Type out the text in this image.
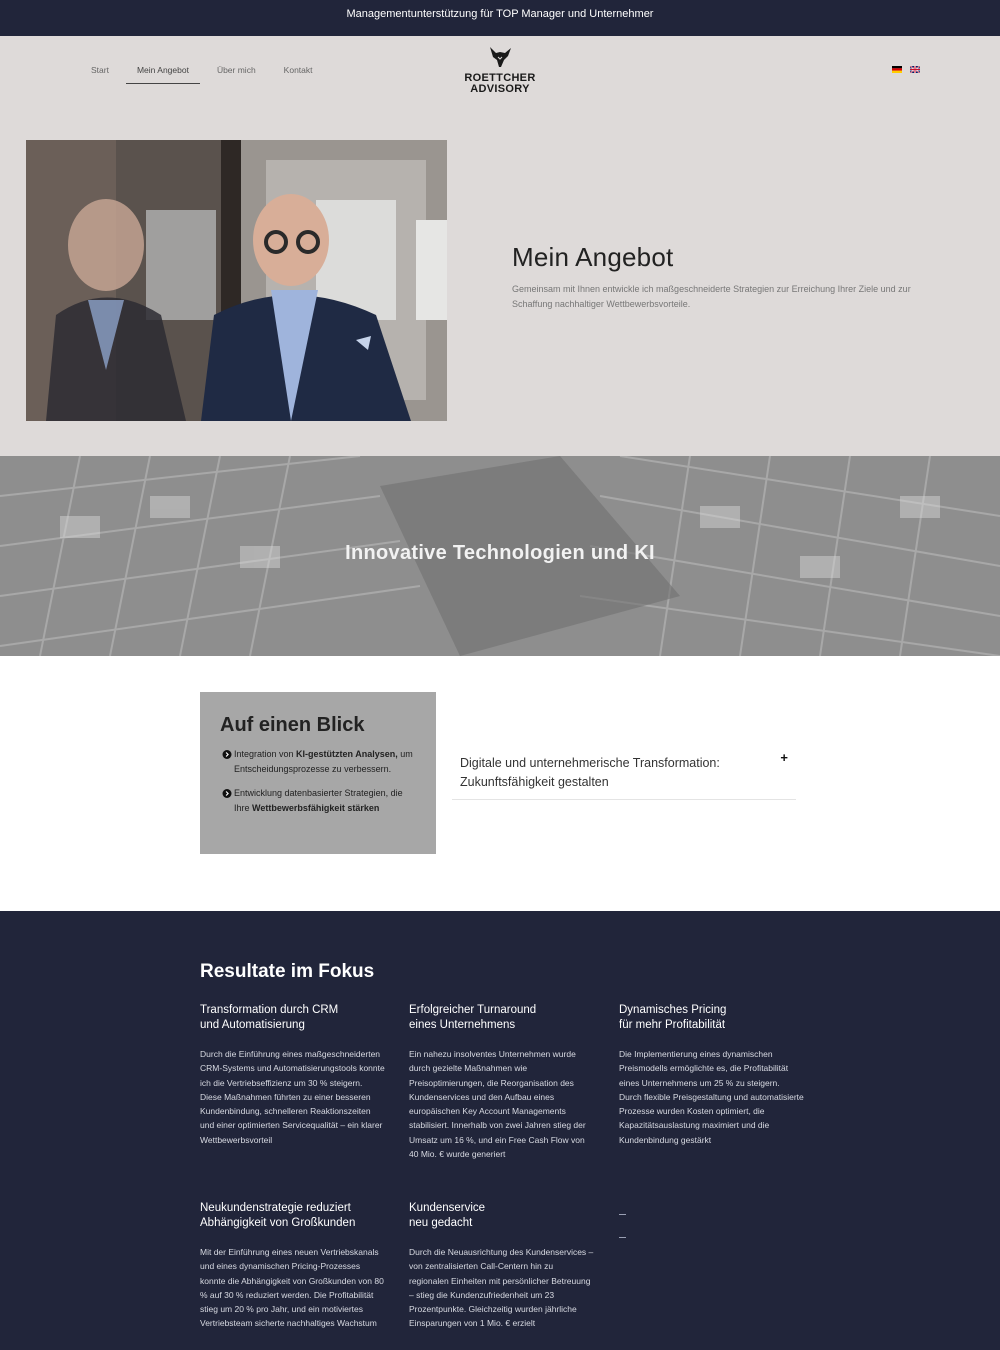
Managementunterstützung für TOP Manager und Unternehmer
Start	Mein Angebot	Über mich	Kontakt
ROETTCHER
ADVISORY
Mein Angebot

Gemeinsam mit Ihnen entwickle ich maßgeschneiderte Strategien zur Erreichung Ihrer Ziele und zur Schaffung nachhaltiger Wettbewerbsvorteile.

Innovative Technologien und KI
Auf einen Blick
Integration von KI-gestützten Analysen, um Entscheidungsprozesse zu verbessern.
Entwicklung datenbasierter Strategien, die Ihre Wettbewerbsfähigkeit stärken
Digitale und unternehmerische Transformation: Zukunftsfähigkeit gestalten
+
Resultate im Fokus
Transformation durch CRM
und Automatisierung
Durch die Einführung eines maßgeschneiderten CRM-Systems und Automatisierungstools konnte ich die Vertriebseffizienz um 30 % steigern. Diese Maßnahmen führten zu einer besseren Kundenbindung, schnelleren Reaktionszeiten und einer optimierten Servicequalität – ein klarer Wettbewerbsvorteil
Erfolgreicher Turnaround
eines Unternehmens
Ein nahezu insolventes Unternehmen wurde durch gezielte Maßnahmen wie Preisoptimierungen, die Reorganisation des Kundenservices und den Aufbau eines europäischen Key Account Managements stabilisiert. Innerhalb von zwei Jahren stieg der Umsatz um 16 %, und ein Free Cash Flow von 40 Mio. € wurde generiert
Dynamisches Pricing
für mehr Profitabilität
Die Implementierung eines dynamischen Preismodells ermöglichte es, die Profitabilität eines Unternehmens um 25 % zu steigern. Durch flexible Preisgestaltung und automatisierte Prozesse wurden Kosten optimiert, die Kapazitätsauslastung maximiert und die Kundenbindung gestärkt
Neukundenstrategie reduziert
Abhängigkeit von Großkunden
Mit der Einführung eines neuen Vertriebskanals und eines dynamischen Pricing-Prozesses konnte die Abhängigkeit von Großkunden von 80 % auf 30 % reduziert werden. Die Profitabilität stieg um 20 % pro Jahr, und ein motiviertes Vertriebsteam sicherte nachhaltiges Wachstum
Kundenservice
neu gedacht
Durch die Neuausrichtung des Kundenservices – von zentralisierten Call-Centern hin zu regionalen Einheiten mit persönlicher Betreuung – stieg die Kundenzufriedenheit um 23 Prozentpunkte. Gleichzeitig wurden jährliche Einsparungen von 1 Mio. € erzielt
